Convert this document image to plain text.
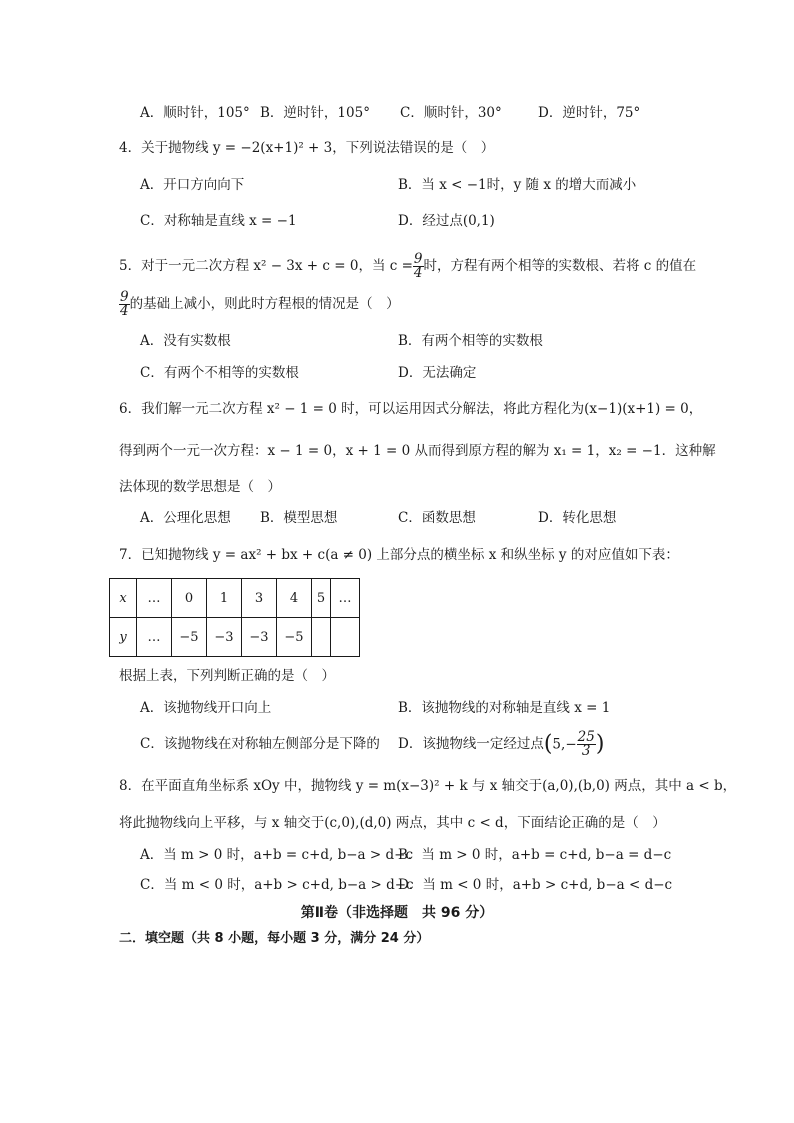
A．顺时针，105° B．逆时针，105° C．顺时针，30°	D．逆时针，75°
4．关于抛物线 y = −2(x+1)² + 3，下列说法错误的是（　）
A．开口方向向下	B．当 x < −1时，y 随 x 的增大而减小
C．对称轴是直线 x = −1	D．经过点(0,1)
5．对于一元二次方程 x² − 3x + c = 0，当 $c = \frac{9}{4}$ 时，方程有两个相等的实数根、若将 c 的值在
$\frac{9}{4}$ 的基础上减小，则此时方程根的情况是（　）
A．没有实数根	B．有两个相等的实数根
C．有两个不相等的实数根	D．无法确定
6．我们解一元二次方程 x² − 1 = 0 时，可以运用因式分解法，将此方程化为(x−1)(x+1) = 0，
得到两个一元一次方程：x − 1 = 0，x + 1 = 0 从而得到原方程的解为 x₁ = 1，x₂ = −1．这种解
法体现的数学思想是（　）
A．公理化思想 B．模型思想	C．函数思想	D．转化思想
7．已知抛物线 y = ax² + bx + c(a ≠ 0) 上部分点的横坐标 x 和纵坐标 y 的对应值如下表：
x	…	0	1	3	4	5	…
y	…	−5	−3	−3	−5		
根据上表，下列判断正确的是（　）
A．该抛物线开口向上	B．该抛物线的对称轴是直线 x = 1
C．该抛物线在对称轴左侧部分是下降的 D．该抛物线一定经过点($5,- \frac{25}{3}$ )
8．在平面直角坐标系 xOy 中，抛物线 y = m(x−3)² + k 与 x 轴交于(a,0),(b,0) 两点，其中 a < b，
将此抛物线向上平移，与 x 轴交于(c,0),(d,0) 两点，其中 c < d，下面结论正确的是（　）
A．当 m > 0 时，a+b = c+d, b−a > d−c
B．当 m > 0 时，a+b = c+d, b−a = d−c
C．当 m < 0 时，a+b > c+d, b−a > d−c
D．当 m < 0 时，a+b > c+d, b−a < d−c
第Ⅱ卷（非选择题　共 96 分）
二．填空题（共 8 小题，每小题 3 分，满分 24 分）
